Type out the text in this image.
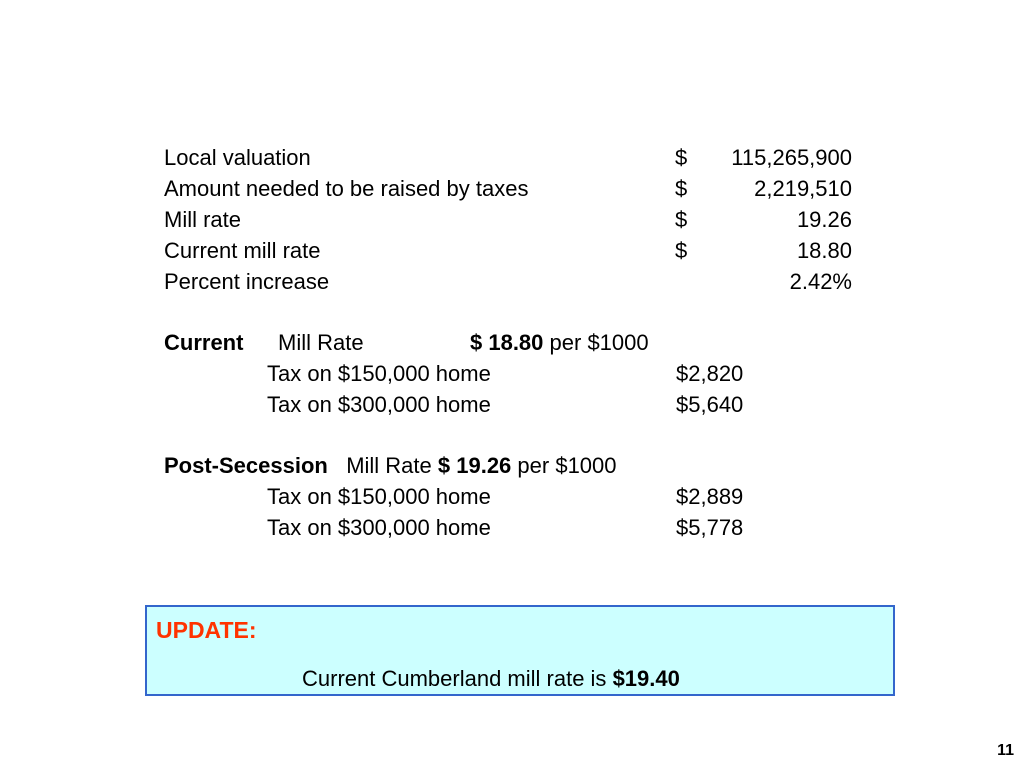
Local valuation	$	115,265,900
Amount needed to be raised by taxes	$	2,219,510
Mill rate	$	19.26
Current mill rate	$	18.80
Percent increase	2.42%
Current Mill Rate	$ 18.80 per $1000
Tax on $150,000 home	$2,820
Tax on $300,000 home	$5,640
Post-Secession Mill Rate $ 19.26 per $1000
Tax on $150,000 home	$2,889
Tax on $300,000 home	$5,778
UPDATE:
Current Cumberland mill rate is $19.40
11
